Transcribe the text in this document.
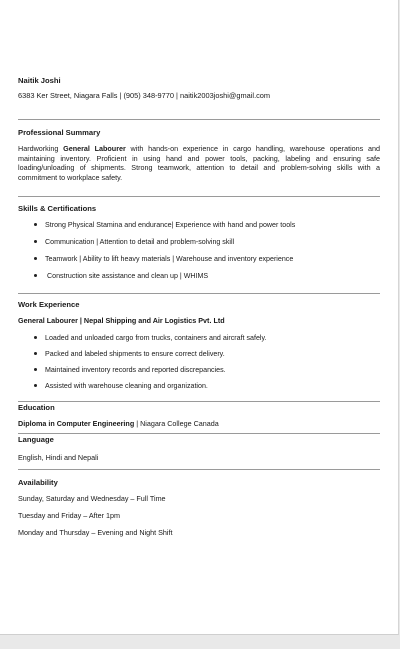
Naitik Joshi
6383 Ker Street, Niagara Falls | (905) 348-9770 | naitik2003joshi@gmail.com
Professional Summary
Hardworking General Labourer with hands-on experience in cargo handling, warehouse operations and maintaining inventory. Proficient in using hand and power tools, packing, labeling and ensuring safe loading/unloading of shipments. Strong teamwork, attention to detail and problem-solving skills with a commitment to workplace safety.
Skills & Certifications
Strong Physical Stamina and endurance| Experience with hand and power tools
Communication | Attention to detail and problem-solving skill
Teamwork | Ability to lift heavy materials | Warehouse and inventory experience
Construction site assistance and clean up | WHIMS
Work Experience
General Labourer | Nepal Shipping and Air Logistics Pvt. Ltd
Loaded and unloaded cargo from trucks, containers and aircraft safely.
Packed and labeled shipments to ensure correct delivery.
Maintained inventory records and reported discrepancies.
Assisted with warehouse cleaning and organization.
Education
Diploma in Computer Engineering | Niagara College Canada
Language
English, Hindi and Nepali
Availability
Sunday, Saturday and Wednesday – Full Time
Tuesday and Friday – After 1pm
Monday and Thursday – Evening and Night Shift
